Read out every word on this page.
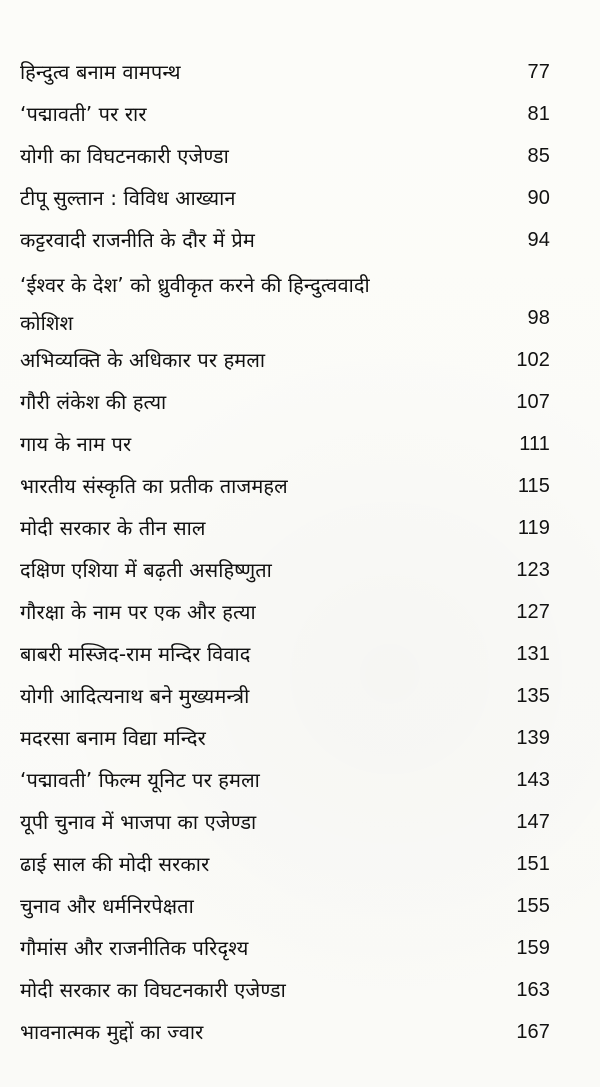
हिन्दुत्व बनाम वामपन्थ	77
‘पद्मावती’ पर रार	81
योगी का विघटनकारी एजेण्डा	85
टीपू सुल्तान : विविध आख्यान	90
कट्टरवादी राजनीति के दौर में प्रेम	94
‘ईश्वर के देश’ को ध्रुवीकृत करने की हिन्दुत्ववादी कोशिश	98
अभिव्यक्ति के अधिकार पर हमला	102
गौरी लंकेश की हत्या	107
गाय के नाम पर	111
भारतीय संस्कृति का प्रतीक ताजमहल	115
मोदी सरकार के तीन साल	119
दक्षिण एशिया में बढ़ती असहिष्णुता	123
गौरक्षा के नाम पर एक और हत्या	127
बाबरी मस्जिद-राम मन्दिर विवाद	131
योगी आदित्यनाथ बने मुख्यमन्त्री	135
मदरसा बनाम विद्या मन्दिर	139
‘पद्मावती’ फिल्म यूनिट पर हमला	143
यूपी चुनाव में भाजपा का एजेण्डा	147
ढाई साल की मोदी सरकार	151
चुनाव और धर्मनिरपेक्षता	155
गौमांस और राजनीतिक परिदृश्य	159
मोदी सरकार का विघटनकारी एजेण्डा	163
भावनात्मक मुद्दों का ज्वार	167
